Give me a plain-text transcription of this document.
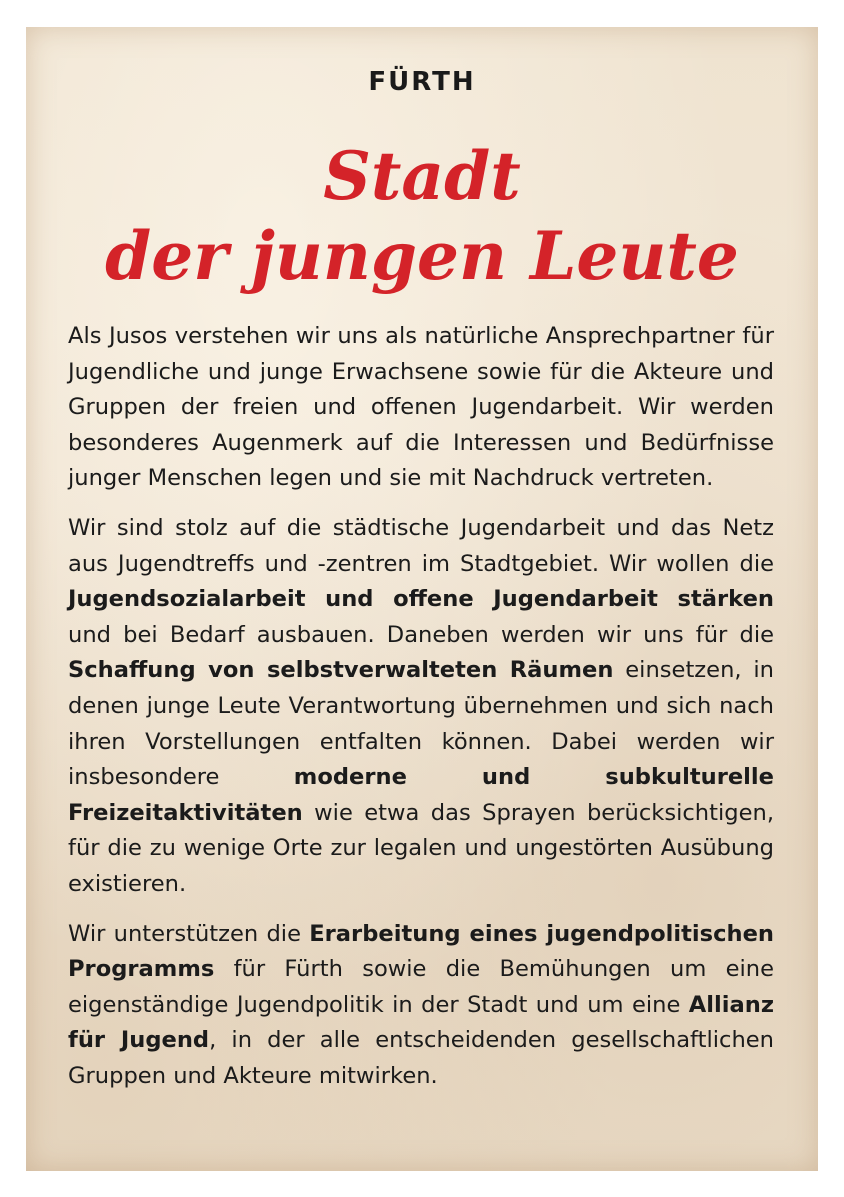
FÜRTH
Stadt
der jungen Leute

Als Jusos verstehen wir uns als natürliche Ansprechpartner für Jugendliche und junge Erwachsene sowie für die Akteure und Gruppen der freien und offenen Jugendarbeit. Wir werden besonderes Augenmerk auf die Interessen und Bedürfnisse junger Menschen legen und sie mit Nachdruck vertreten.

Wir sind stolz auf die städtische Jugendarbeit und das Netz aus Jugendtreffs und -zentren im Stadtgebiet. Wir wollen die Jugendsozialarbeit und offene Jugendarbeit stärken und bei Bedarf ausbauen. Daneben werden wir uns für die Schaffung von selbstverwalteten Räumen einsetzen, in denen junge Leute Verantwortung übernehmen und sich nach ihren Vorstellungen entfalten können. Dabei werden wir insbesondere moderne und subkulturelle Freizeitaktivitäten wie etwa das Sprayen berücksichtigen, für die zu wenige Orte zur legalen und ungestörten Ausübung existieren.

Wir unterstützen die Erarbeitung eines jugendpolitischen Programms für Fürth sowie die Bemühungen um eine eigenständige Jugendpolitik in der Stadt und um eine Allianz für Jugend, in der alle entscheidenden gesellschaftlichen Gruppen und Akteure mitwirken.
